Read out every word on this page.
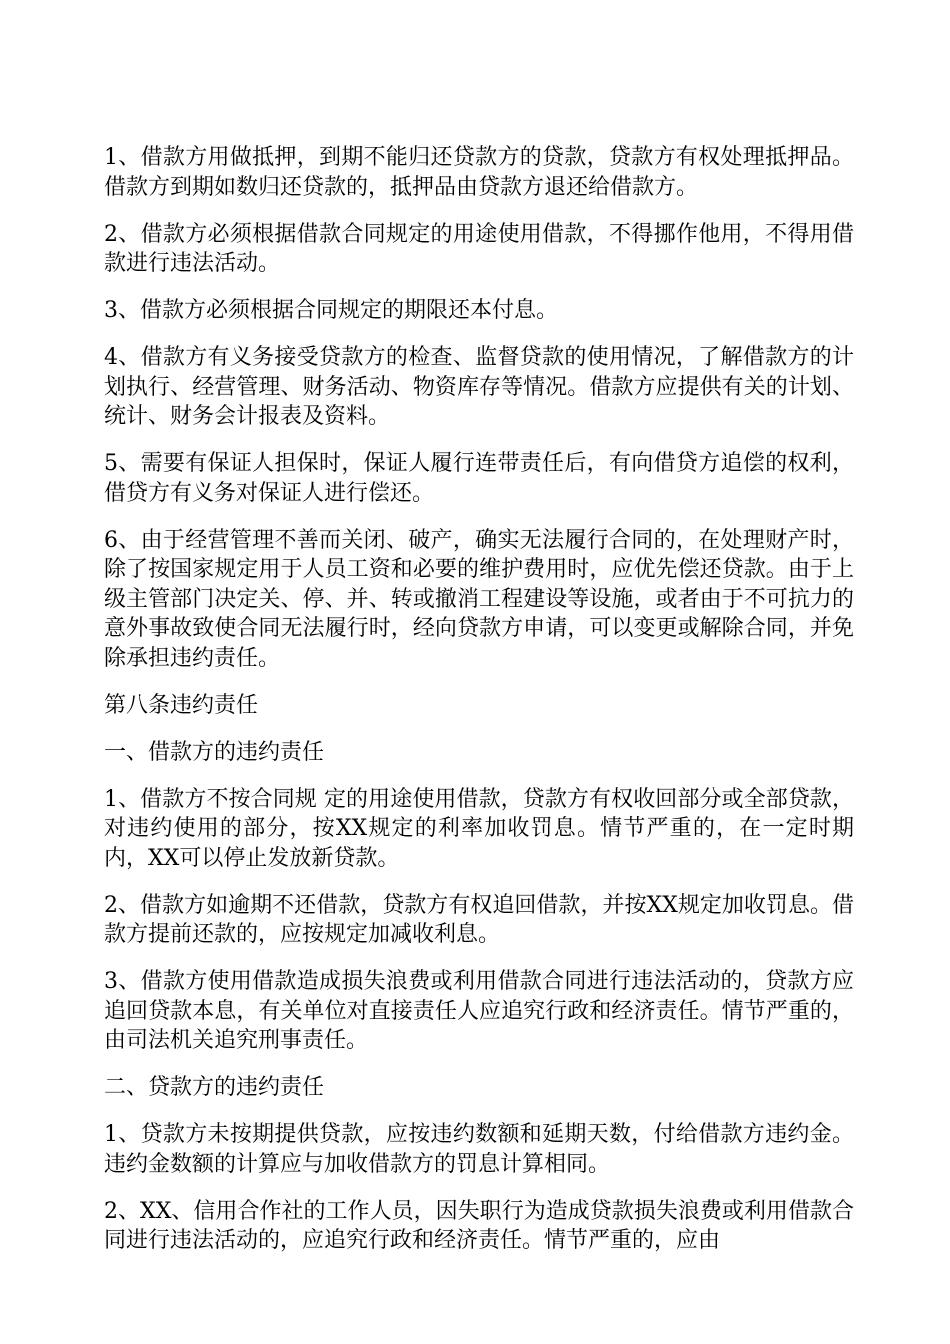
1、借款方用做抵押，到期不能归还贷款方的贷款，贷款方有权处理抵押品。借款方到期如数归还贷款的，抵押品由贷款方退还给借款方。

2、借款方必须根据借款合同规定的用途使用借款，不得挪作他用，不得用借款进行违法活动。

3、借款方必须根据合同规定的期限还本付息。

4、借款方有义务接受贷款方的检查、监督贷款的使用情况，了解借款方的计划执行、经营管理、财务活动、物资库存等情况。借款方应提供有关的计划、统计、财务会计报表及资料。

5、需要有保证人担保时，保证人履行连带责任后，有向借贷方追偿的权利，借贷方有义务对保证人进行偿还。

6、由于经营管理不善而关闭、破产，确实无法履行合同的，在处理财产时，除了按国家规定用于人员工资和必要的维护费用时，应优先偿还贷款。由于上级主管部门决定关、停、并、转或撤消工程建设等设施，或者由于不可抗力的意外事故致使合同无法履行时，经向贷款方申请，可以变更或解除合同，并免除承担违约责任。

第八条违约责任

一、借款方的违约责任

1、借款方不按合同规 定的用途使用借款，贷款方有权收回部分或全部贷款，对违约使用的部分，按XX规定的利率加收罚息。情节严重的，在一定时期内，XX可以停止发放新贷款。

2、借款方如逾期不还借款，贷款方有权追回借款，并按XX规定加收罚息。借款方提前还款的，应按规定加减收利息。

3、借款方使用借款造成损失浪费或利用借款合同进行违法活动的，贷款方应追回贷款本息，有关单位对直接责任人应追究行政和经济责任。情节严重的，由司法机关追究刑事责任。

二、贷款方的违约责任

1、贷款方未按期提供贷款，应按违约数额和延期天数，付给借款方违约金。违约金数额的计算应与加收借款方的罚息计算相同。

2、XX、信用合作社的工作人员，因失职行为造成贷款损失浪费或利用借款合同进行违法活动的，应追究行政和经济责任。情节严重的，应由
